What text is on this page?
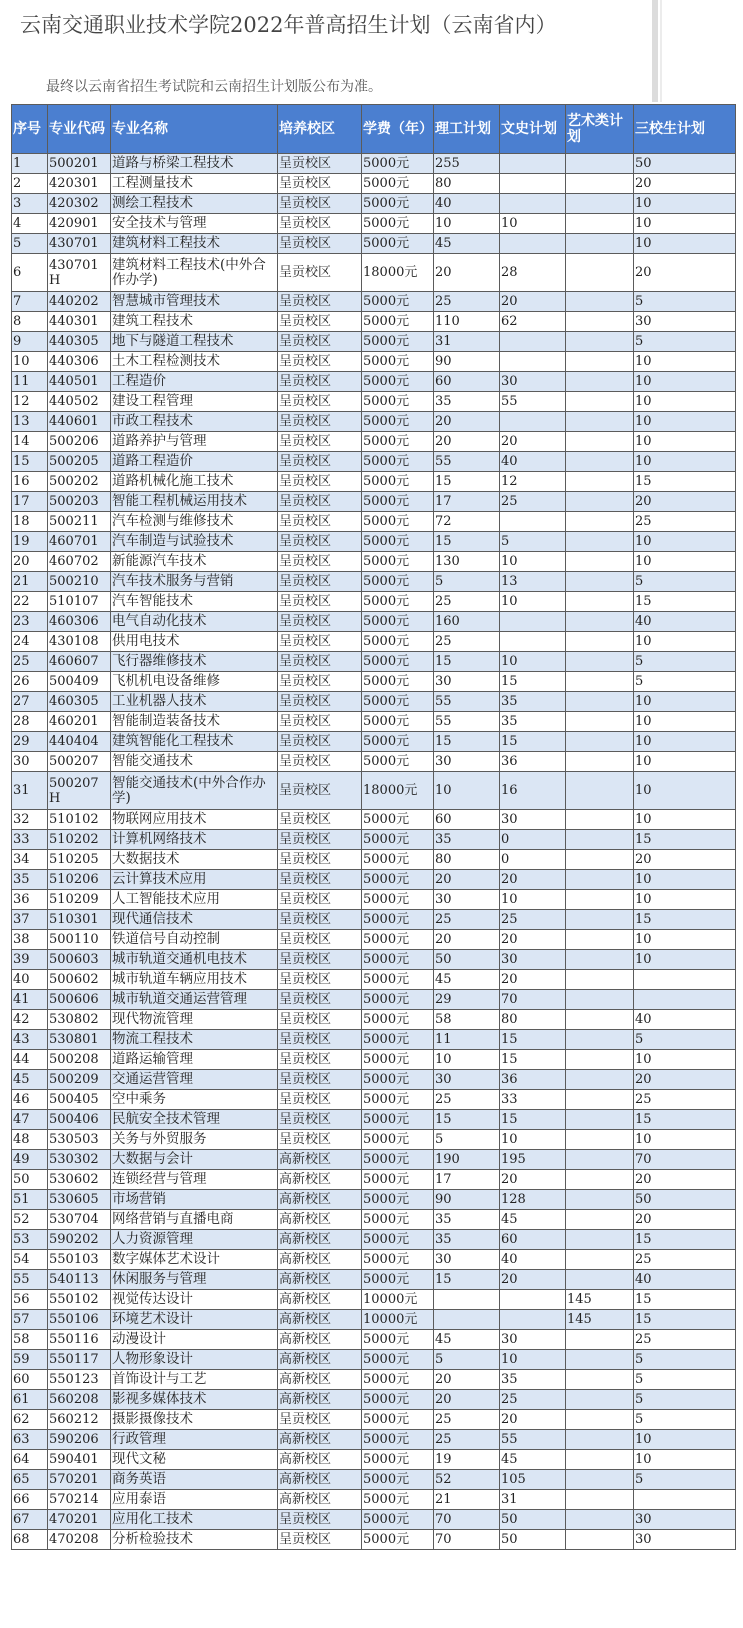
云南交通职业技术学院2022年普高招生计划（云南省内）
最终以云南省招生考试院和云南招生计划版公布为准。
序号	专业代码	专业名称	培养校区	学费（年）	理工计划	文史计划	艺术类计划	三校生计划
1	500201	道路与桥梁工程技术	呈贡校区	5000元	255			50
2	420301	工程测量技术	呈贡校区	5000元	80			20
3	420302	测绘工程技术	呈贡校区	5000元	40			10
4	420901	安全技术与管理	呈贡校区	5000元	10	10		10
5	430701	建筑材料工程技术	呈贡校区	5000元	45			10
6	430701H	建筑材料工程技术(中外合作办学)	呈贡校区	18000元	20	28		20
7	440202	智慧城市管理技术	呈贡校区	5000元	25	20		5
8	440301	建筑工程技术	呈贡校区	5000元	110	62		30
9	440305	地下与隧道工程技术	呈贡校区	5000元	31			5
10	440306	土木工程检测技术	呈贡校区	5000元	90			10
11	440501	工程造价	呈贡校区	5000元	60	30		10
12	440502	建设工程管理	呈贡校区	5000元	35	55		10
13	440601	市政工程技术	呈贡校区	5000元	20			10
14	500206	道路养护与管理	呈贡校区	5000元	20	20		10
15	500205	道路工程造价	呈贡校区	5000元	55	40		10
16	500202	道路机械化施工技术	呈贡校区	5000元	15	12		15
17	500203	智能工程机械运用技术	呈贡校区	5000元	17	25		20
18	500211	汽车检测与维修技术	呈贡校区	5000元	72			25
19	460701	汽车制造与试验技术	呈贡校区	5000元	15	5		10
20	460702	新能源汽车技术	呈贡校区	5000元	130	10		10
21	500210	汽车技术服务与营销	呈贡校区	5000元	5	13		5
22	510107	汽车智能技术	呈贡校区	5000元	25	10		15
23	460306	电气自动化技术	呈贡校区	5000元	160			40
24	430108	供用电技术	呈贡校区	5000元	25			10
25	460607	飞行器维修技术	呈贡校区	5000元	15	10		5
26	500409	飞机机电设备维修	呈贡校区	5000元	30	15		5
27	460305	工业机器人技术	呈贡校区	5000元	55	35		10
28	460201	智能制造装备技术	呈贡校区	5000元	55	35		10
29	440404	建筑智能化工程技术	呈贡校区	5000元	15	15		10
30	500207	智能交通技术	呈贡校区	5000元	30	36		10
31	500207H	智能交通技术(中外合作办学)	呈贡校区	18000元	10	16		10
32	510102	物联网应用技术	呈贡校区	5000元	60	30		10
33	510202	计算机网络技术	呈贡校区	5000元	35	0		15
34	510205	大数据技术	呈贡校区	5000元	80	0		20
35	510206	云计算技术应用	呈贡校区	5000元	20	20		10
36	510209	人工智能技术应用	呈贡校区	5000元	30	10		10
37	510301	现代通信技术	呈贡校区	5000元	25	25		15
38	500110	铁道信号自动控制	呈贡校区	5000元	20	20		10
39	500603	城市轨道交通机电技术	呈贡校区	5000元	50	30		10
40	500602	城市轨道车辆应用技术	呈贡校区	5000元	45	20		
41	500606	城市轨道交通运营管理	呈贡校区	5000元	29	70		
42	530802	现代物流管理	呈贡校区	5000元	58	80		40
43	530801	物流工程技术	呈贡校区	5000元	11	15		5
44	500208	道路运输管理	呈贡校区	5000元	10	15		10
45	500209	交通运营管理	呈贡校区	5000元	30	36		20
46	500405	空中乘务	呈贡校区	5000元	25	33		25
47	500406	民航安全技术管理	呈贡校区	5000元	15	15		15
48	530503	关务与外贸服务	呈贡校区	5000元	5	10		10
49	530302	大数据与会计	高新校区	5000元	190	195		70
50	530602	连锁经营与管理	高新校区	5000元	17	20		20
51	530605	市场营销	高新校区	5000元	90	128		50
52	530704	网络营销与直播电商	高新校区	5000元	35	45		20
53	590202	人力资源管理	高新校区	5000元	35	60		15
54	550103	数字媒体艺术设计	高新校区	5000元	30	40		25
55	540113	休闲服务与管理	高新校区	5000元	15	20		40
56	550102	视觉传达设计	高新校区	10000元			145	15
57	550106	环境艺术设计	高新校区	10000元			145	15
58	550116	动漫设计	高新校区	5000元	45	30		25
59	550117	人物形象设计	高新校区	5000元	5	10		5
60	550123	首饰设计与工艺	高新校区	5000元	20	35		5
61	560208	影视多媒体技术	高新校区	5000元	20	25		5
62	560212	摄影摄像技术	呈贡校区	5000元	25	20		5
63	590206	行政管理	高新校区	5000元	25	55		10
64	590401	现代文秘	高新校区	5000元	19	45		10
65	570201	商务英语	高新校区	5000元	52	105		5
66	570214	应用泰语	高新校区	5000元	21	31		
67	470201	应用化工技术	呈贡校区	5000元	70	50		30
68	470208	分析检验技术	呈贡校区	5000元	70	50		30
